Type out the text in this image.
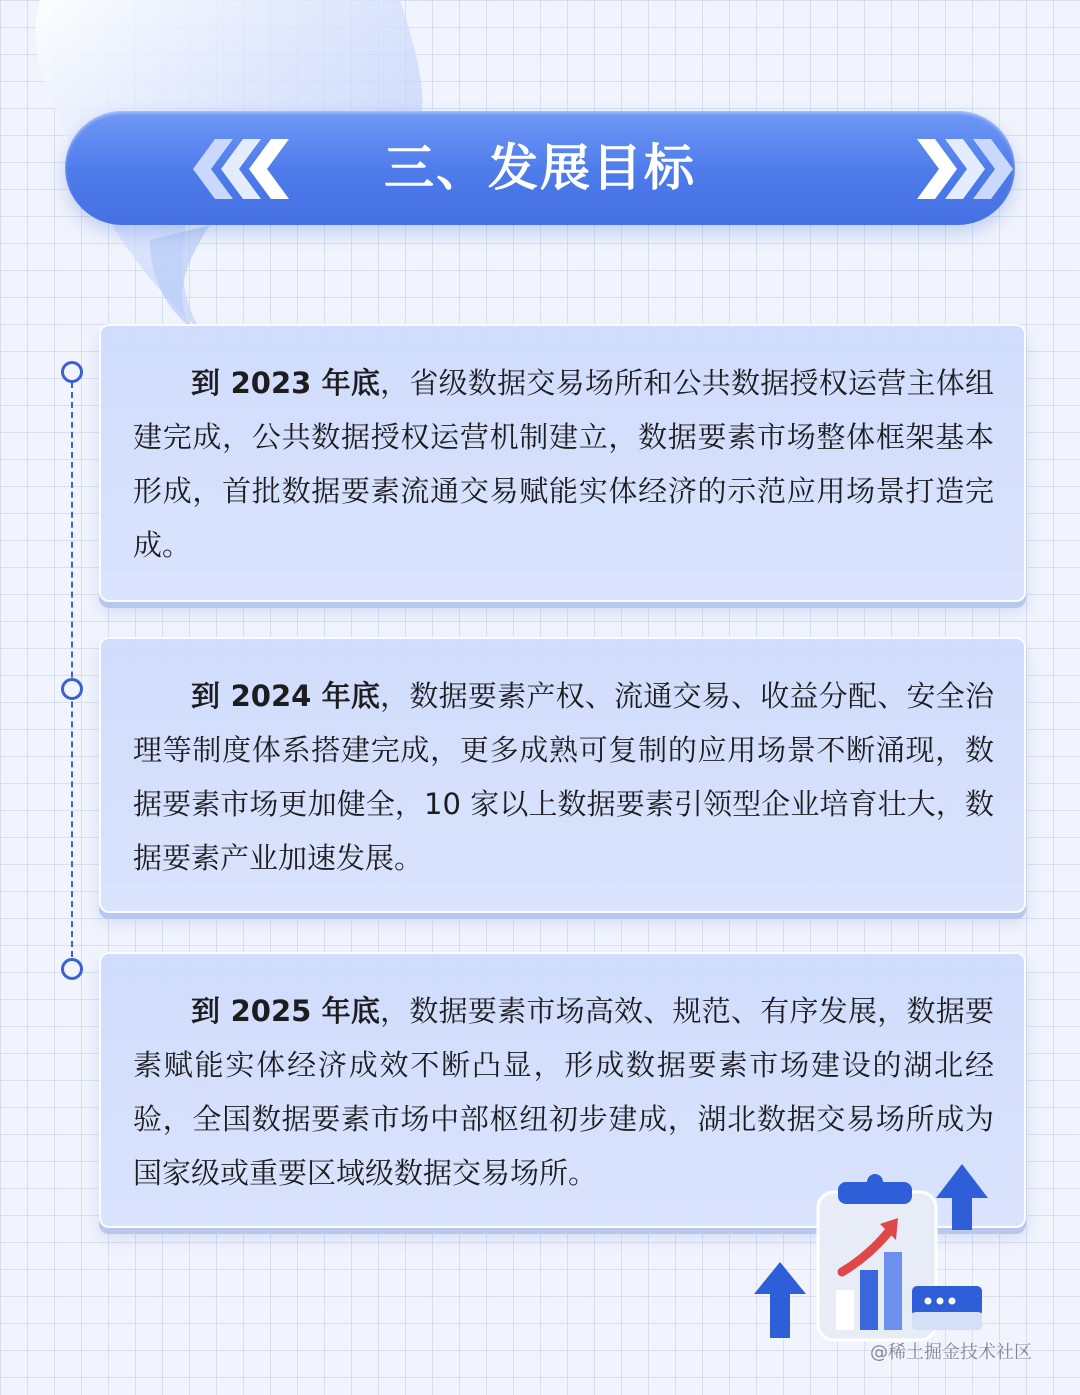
三、发展目标
到 2023 年底，省级数据交易场所和公共数据授权运营主体组建完成，公共数据授权运营机制建立，数据要素市场整体框架基本形成，首批数据要素流通交易赋能实体经济的示范应用场景打造完成。
到 2024 年底，数据要素产权、流通交易、收益分配、安全治理等制度体系搭建完成，更多成熟可复制的应用场景不断涌现，数据要素市场更加健全，10 家以上数据要素引领型企业培育壮大，数据要素产业加速发展。
到 2025 年底，数据要素市场高效、规范、有序发展，数据要素赋能实体经济成效不断凸显，形成数据要素市场建设的湖北经验，全国数据要素市场中部枢纽初步建成，湖北数据交易场所成为国家级或重要区域级数据交易场所。
@稀土掘金技术社区
